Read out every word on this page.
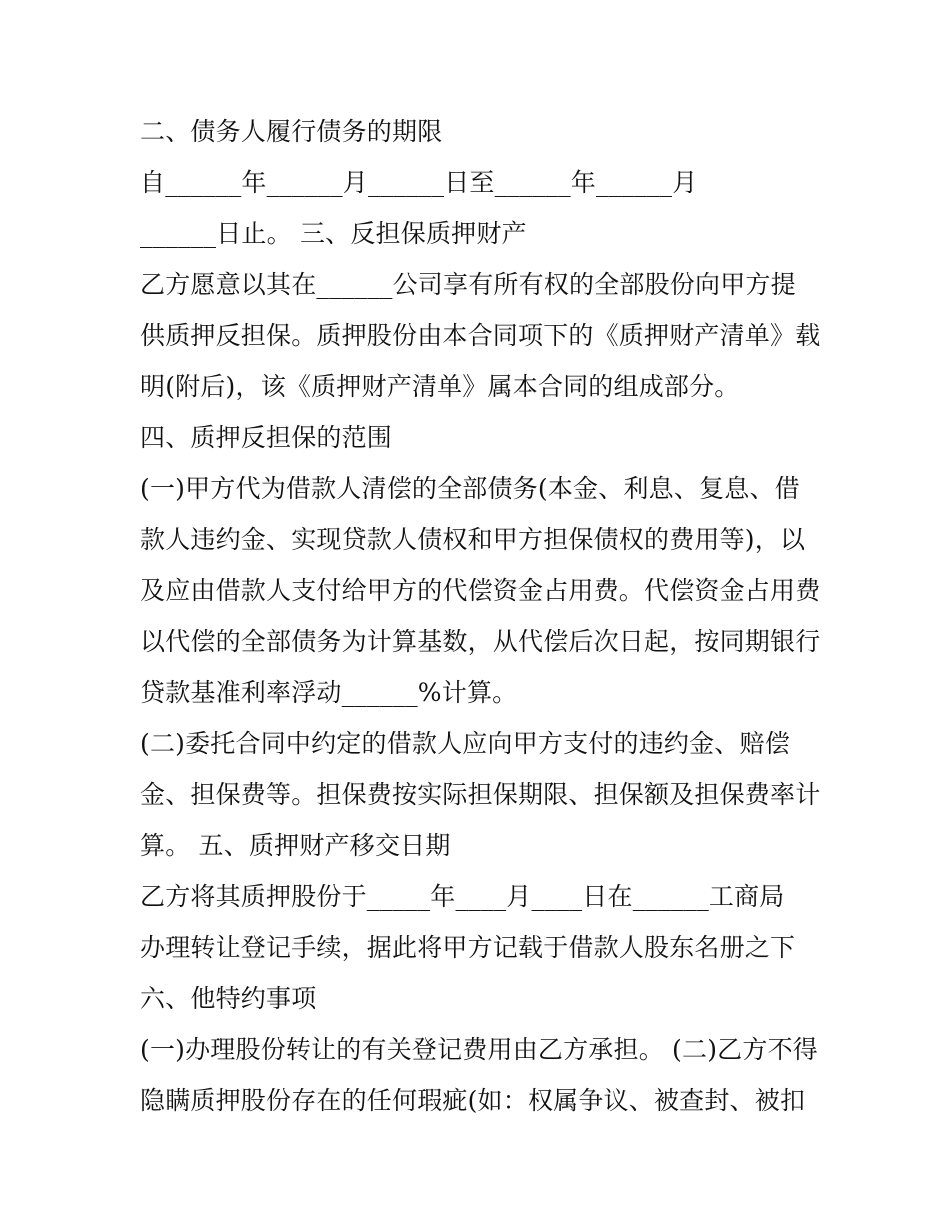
二、债务人履行债务的期限
自______年______月______日至______年______月
______日止。 三、反担保质押财产
乙方愿意以其在______公司享有所有权的全部股份向甲方提
供质押反担保。质押股份由本合同项下的《质押财产清单》载
明(附后)，该《质押财产清单》属本合同的组成部分。
四、质押反担保的范围
(一)甲方代为借款人清偿的全部债务(本金、利息、复息、借
款人违约金、实现贷款人债权和甲方担保债权的费用等)，以
及应由借款人支付给甲方的代偿资金占用费。代偿资金占用费
以代偿的全部债务为计算基数，从代偿后次日起，按同期银行
贷款基准利率浮动______%计算。
(二)委托合同中约定的借款人应向甲方支付的违约金、赔偿
金、担保费等。担保费按实际担保期限、担保额及担保费率计
算。 五、质押财产移交日期
乙方将其质押股份于_____年____月____日在______工商局
办理转让登记手续，据此将甲方记载于借款人股东名册之下
六、他特约事项
(一)办理股份转让的有关登记费用由乙方承担。 (二)乙方不得
隐瞒质押股份存在的任何瑕疵(如：权属争议、被查封、被扣
